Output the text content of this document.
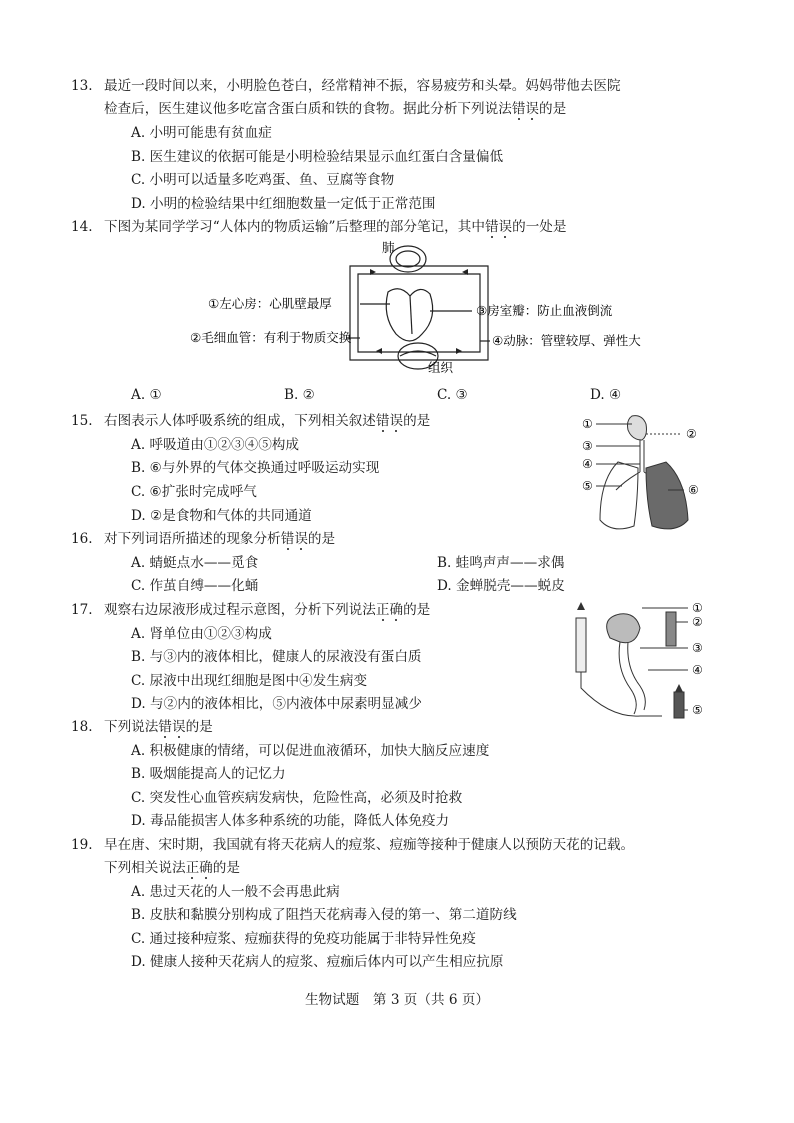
13. 最近一段时间以来，小明脸色苍白，经常精神不振，容易疲劳和头晕。妈妈带他去医院
检查后，医生建议他多吃富含蛋白质和铁的食物。据此分析下列说法错误的是
A. 小明可能患有贫血症
B. 医生建议的依据可能是小明检验结果显示血红蛋白含量偏低
C. 小明可以适量多吃鸡蛋、鱼、豆腐等食物
D. 小明的检验结果中红细胞数量一定低于正常范围
14. 下图为某同学学习“人体内的物质运输”后整理的部分笔记，其中错误的一处是
肺
组织
①左心房：心肌壁最厚
②毛细血管：有利于物质交换
③房室瓣：防止血液倒流
④动脉：管壁较厚、弹性大
A. ①	B. ②	C. ③	D. ④
15. 右图表示人体呼吸系统的组成，下列相关叙述错误的是
A. 呼吸道由①②③④⑤构成
B. ⑥与外界的气体交换通过呼吸运动实现
C. ⑥扩张时完成呼气
D. ②是食物和气体的共同通道
①
②
③
④
⑤	⑥
16. 对下列词语所描述的现象分析错误的是
A. 蜻蜓点水——觅食	B. 蛙鸣声声——求偶
C. 作茧自缚——化蛹	D. 金蝉脱壳——蜕皮
17. 观察右边尿液形成过程示意图，分析下列说法正确的是
A. 肾单位由①②③构成
B. 与③内的液体相比，健康人的尿液没有蛋白质
C. 尿液中出现红细胞是图中④发生病变
D. 与②内的液体相比，⑤内液体中尿素明显减少
①
②
③
④
⑤
18. 下列说法错误的是
A. 积极健康的情绪，可以促进血液循环，加快大脑反应速度
B. 吸烟能提高人的记忆力
C. 突发性心血管疾病发病快，危险性高，必须及时抢救
D. 毒品能损害人体多种系统的功能，降低人体免疫力
19. 早在唐、宋时期，我国就有将天花病人的痘浆、痘痂等接种于健康人以预防天花的记载。
下列相关说法正确的是
A. 患过天花的人一般不会再患此病
B. 皮肤和黏膜分别构成了阻挡天花病毒入侵的第一、第二道防线
C. 通过接种痘浆、痘痂获得的免疫功能属于非特异性免疫
D. 健康人接种天花病人的痘浆、痘痂后体内可以产生相应抗原
生物试题　第 3 页（共 6 页）
